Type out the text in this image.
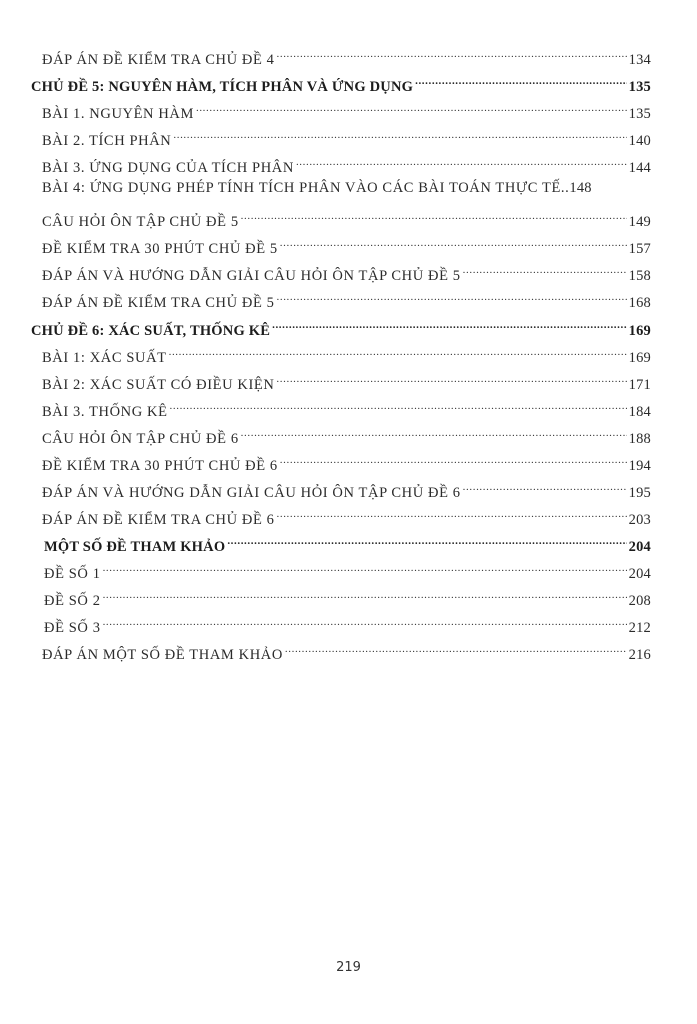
ĐÁP ÁN ĐỀ KIỂM TRA CHỦ ĐỀ 4 .....	134
CHỦ ĐỀ 5: NGUYÊN HÀM, TÍCH PHÂN VÀ ỨNG DỤNG .....	135
BÀI 1. NGUYÊN HÀM .....	135
BÀI 2. TÍCH PHÂN .....	140
BÀI 3. ỨNG DỤNG CỦA TÍCH PHÂN .....	144
BÀI 4: ỨNG DỤNG PHÉP TÍNH TÍCH PHÂN VÀO CÁC BÀI TOÁN THỰC TẾ.. 148
CÂU HỎI ÔN TẬP CHỦ ĐỀ 5 .....	149
ĐỀ KIỂM TRA 30 PHÚT CHỦ ĐỀ 5 .....	157
ĐÁP ÁN VÀ HƯỚNG DẪN GIẢI CÂU HỎI ÔN TẬP CHỦ ĐỀ 5 .....	158
ĐÁP ÁN ĐỀ KIỂM TRA CHỦ ĐỀ 5 .....	168
CHỦ ĐỀ 6: XÁC SUẤT, THỐNG KÊ .....	169
BÀI 1: XÁC SUẤT .....	169
BÀI 2: XÁC SUẤT CÓ ĐIỀU KIỆN .....	171
BÀI 3. THỐNG KÊ .....	184
CÂU HỎI ÔN TẬP CHỦ ĐỀ 6 .....	188
ĐỀ KIỂM TRA 30 PHÚT CHỦ ĐỀ 6 .....	194
ĐÁP ÁN VÀ HƯỚNG DẪN GIẢI CÂU HỎI ÔN TẬP CHỦ ĐỀ 6 .....	195
ĐÁP ÁN ĐỀ KIỂM TRA CHỦ ĐỀ 6 .....	203
MỘT SỐ ĐỀ THAM KHẢO .....	204
ĐỀ SỐ 1 .....	204
ĐỀ SỐ 2 .....	208
ĐỀ SỐ 3 .....	212
ĐÁP ÁN MỘT SỐ ĐỀ THAM KHẢO .....	216
219
